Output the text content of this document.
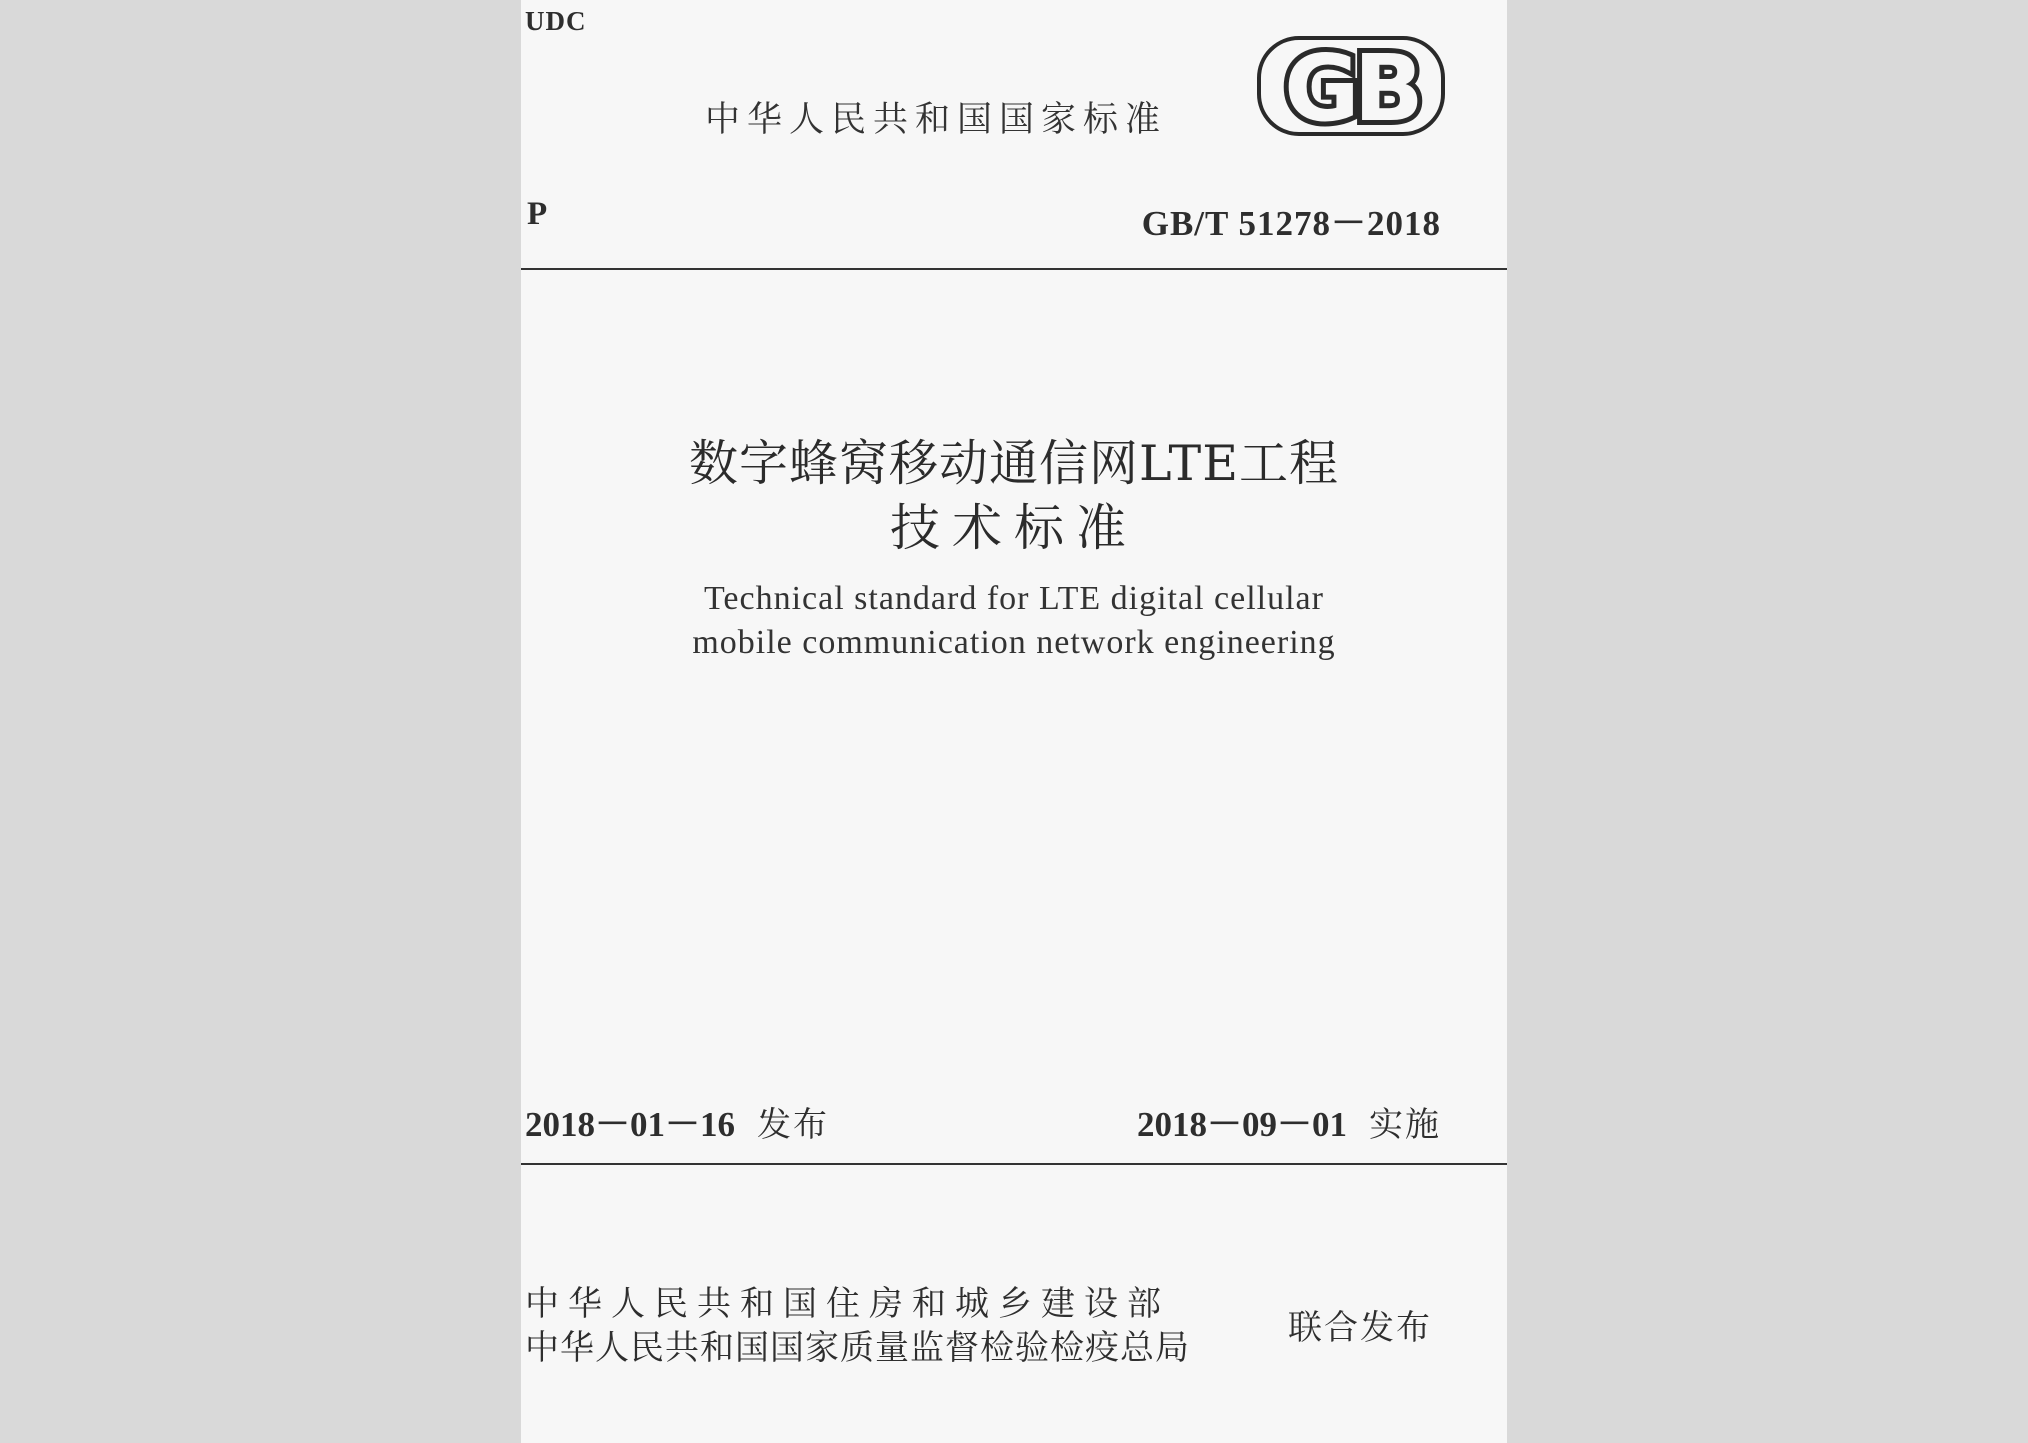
UDC
中华人民共和国国家标准 GB
P	GB/T 51278－2018
数字蜂窝移动通信网LTE工程
技术标准
Technical standard for LTE digital cellular
mobile communication network engineering
2018－01－16 发布	2018－09－01 实施
中华人民共和国住房和城乡建设部
中华人民共和国国家质量监督检验检疫总局	联合发布
